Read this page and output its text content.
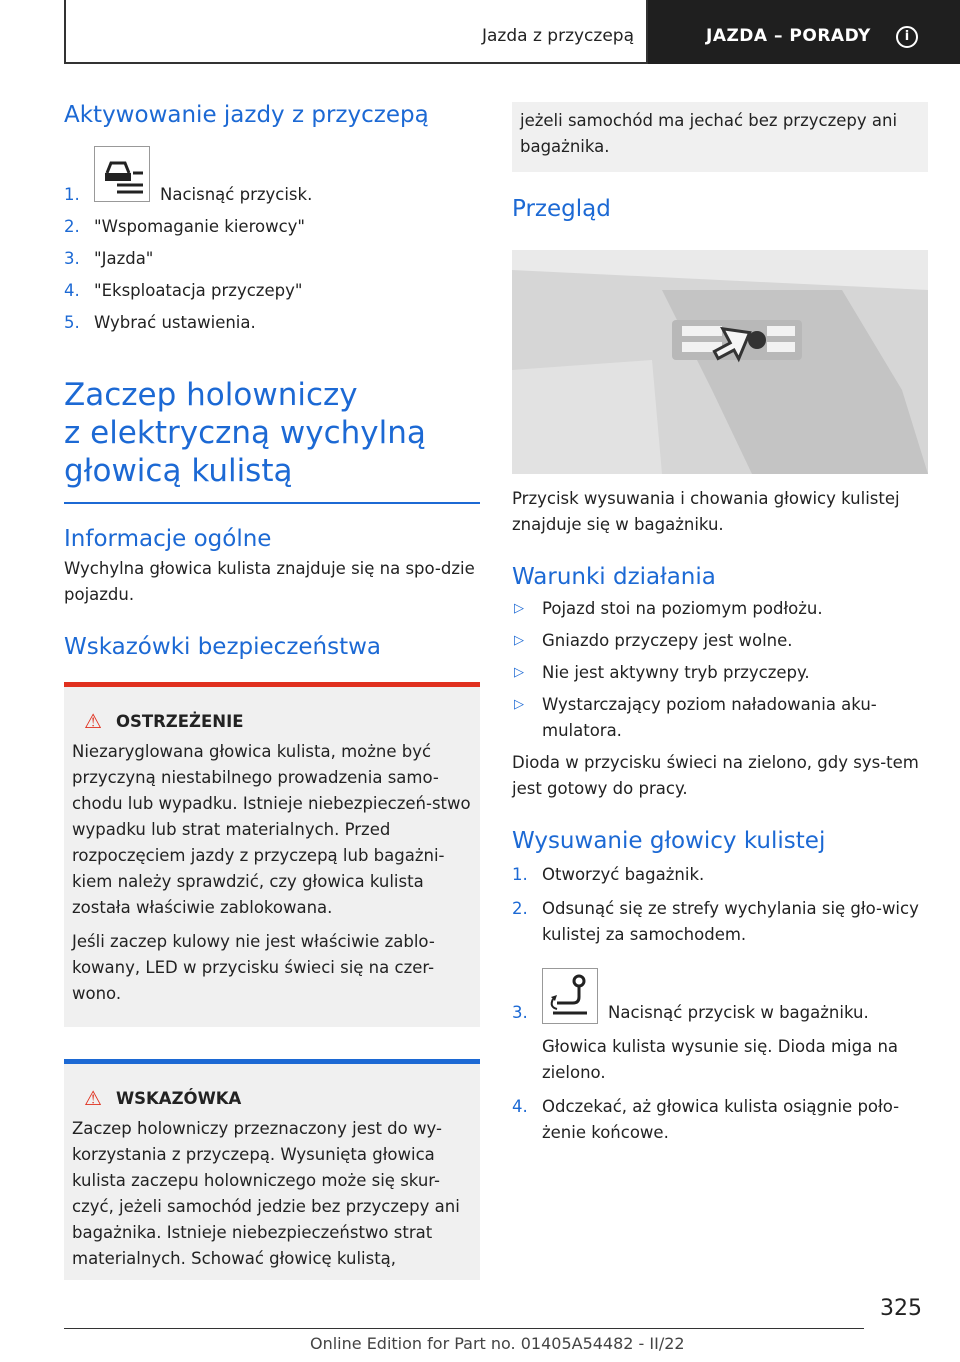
Jazda z przyczepą	JAZDA – PORADY	i
Aktywowanie jazdy z przyczepą
1.	Nacisnąć przycisk.
2. "Wspomaganie kierowcy"
3. "Jazda"
4. "Eksploatacja przyczepy"
5. Wybrać ustawienia.
Zaczep holowniczy
z elektryczną wychylną
głowicą kulistą
Informacje ogólne

Wychylna głowica kulista znajduje się na spo-dzie pojazdu.

Wskazówki bezpieczeństwa
⚠ OSTRZEŻENIE

Niezaryglowana głowica kulista, możne być przyczyną niestabilnego prowadzenia samo-chodu lub wypadku. Istnieje niebezpieczeń-stwo wypadku lub strat materialnych. Przed rozpoczęciem jazdy z przyczepą lub bagażni-kiem należy sprawdzić, czy głowica kulista została właściwie zablokowana.

Jeśli zaczep kulowy nie jest właściwie zablo-kowany, LED w przycisku świeci się na czer-wono.

⚠ WSKAZÓWKA

Zaczep holowniczy przeznaczony jest do wy-korzystania z przyczepą. Wysunięta głowica kulista zaczepu holowniczego może się skur-czyć, jeżeli samochód jedzie bez przyczepy ani bagażnika. Istnieje niebezpieczeństwo strat materialnych. Schować głowicę kulistą,

jeżeli samochód ma jechać bez przyczepy ani bagażnika.

Przegląd

Przycisk wysuwania i chowania głowicy kulistej znajduje się w bagażniku.

Warunki działania
▷ Pojazd stoi na poziomym podłożu.
▷ Gniazdo przyczepy jest wolne.
▷ Nie jest aktywny tryb przyczepy.
▷ Wystarczający poziom naładowania aku-mulatora.

Dioda w przycisku świeci na zielono, gdy sys-tem jest gotowy do pracy.

Wysuwanie głowicy kulistej
1. Otworzyć bagażnik.
2. Odsunąć się ze strefy wychylania się gło-wicy kulistej za samochodem.
3.	Nacisnąć przycisk w bagażniku.
Głowica kulista wysunie się. Dioda miga na zielono.
4. Odczekać, aż głowica kulista osiągnie poło-żenie końcowe.
325
Online Edition for Part no. 01405A54482 - II/22
